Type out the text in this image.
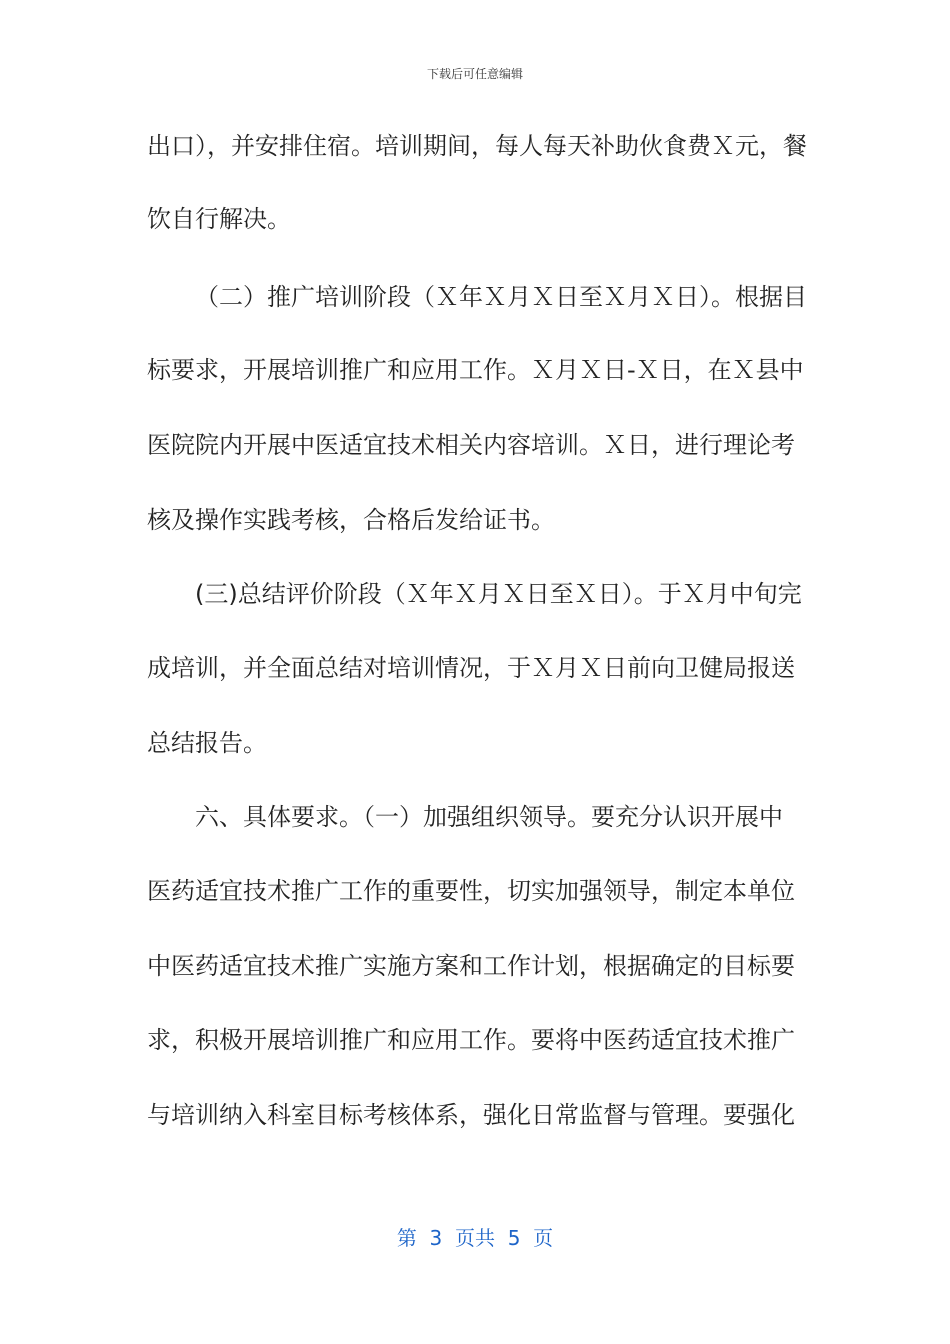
下载后可任意编辑
出口），并安排住宿。培训期间，每人每天补助伙食费Ｘ元，餐
饮自行解决。
（二）推广培训阶段（Ｘ年Ｘ月Ｘ日至Ｘ月Ｘ日）。根据目
标要求，开展培训推广和应用工作。Ｘ月Ｘ日-Ｘ日，在Ｘ县中
医院院内开展中医适宜技术相关内容培训。Ｘ日，进行理论考
核及操作实践考核，合格后发给证书。
(三)总结评价阶段（Ｘ年Ｘ月Ｘ日至Ｘ日）。于Ｘ月中旬完
成培训，并全面总结对培训情况，于Ｘ月Ｘ日前向卫健局报送
总结报告。
六、具体要求。（一）加强组织领导。要充分认识开展中
医药适宜技术推广工作的重要性，切实加强领导，制定本单位
中医药适宜技术推广实施方案和工作计划，根据确定的目标要
求，积极开展培训推广和应用工作。要将中医药适宜技术推广
与培训纳入科室目标考核体系，强化日常监督与管理。要强化
第  3  页共  5  页
